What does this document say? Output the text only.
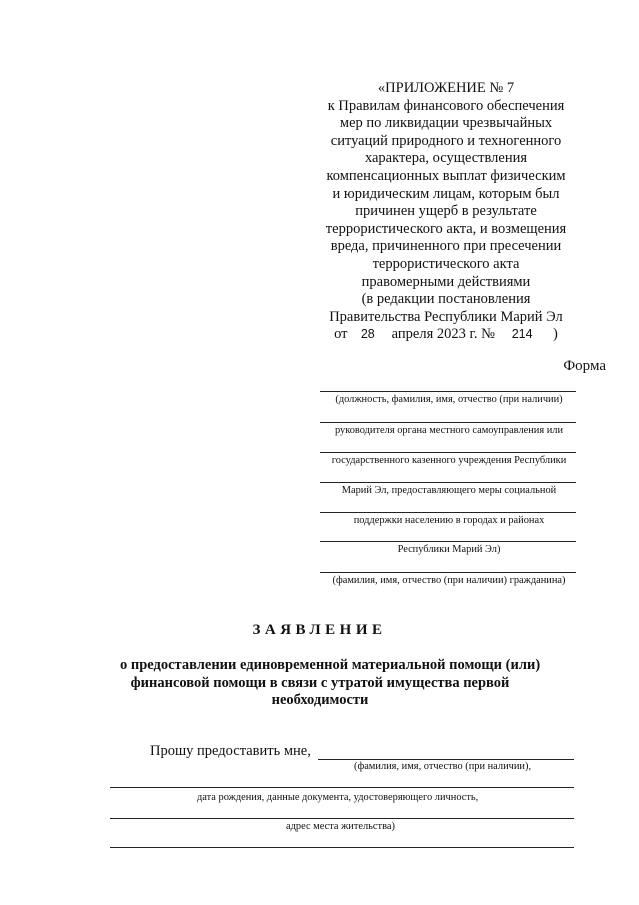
«ПРИЛОЖЕНИЕ № 7
к Правилам финансового обеспечения
мер по ликвидации чрезвычайных
ситуаций природного и техногенного
характера, осуществления
компенсационных выплат физическим
и юридическим лицам, которым был
причинен ущерб в результате
террористического акта, и возмещения
вреда, причиненного при пресечении
террористического акта
правомерными действиями
(в редакции постановления
Правительства Республики Марий Эл
от 28 апреля 2023 г. № 214 )
Форма
(должность, фамилия, имя, отчество (при наличии)
руководителя органа местного самоуправления или
государственного казенного учреждения Республики
Марий Эл, предоставляющего меры социальной
поддержки населению в городах и районах
Республики Марий Эл)
(фамилия, имя, отчество (при наличии) гражданина)
ЗАЯВЛЕНИЕ
о предоставлении единовременной материальной помощи (или)
финансовой помощи в связи с утратой имущества первой
необходимости
Прошу предоставить мне,
(фамилия, имя, отчество (при наличии),
дата рождения, данные документа, удостоверяющего личность,
адрес места жительства)
